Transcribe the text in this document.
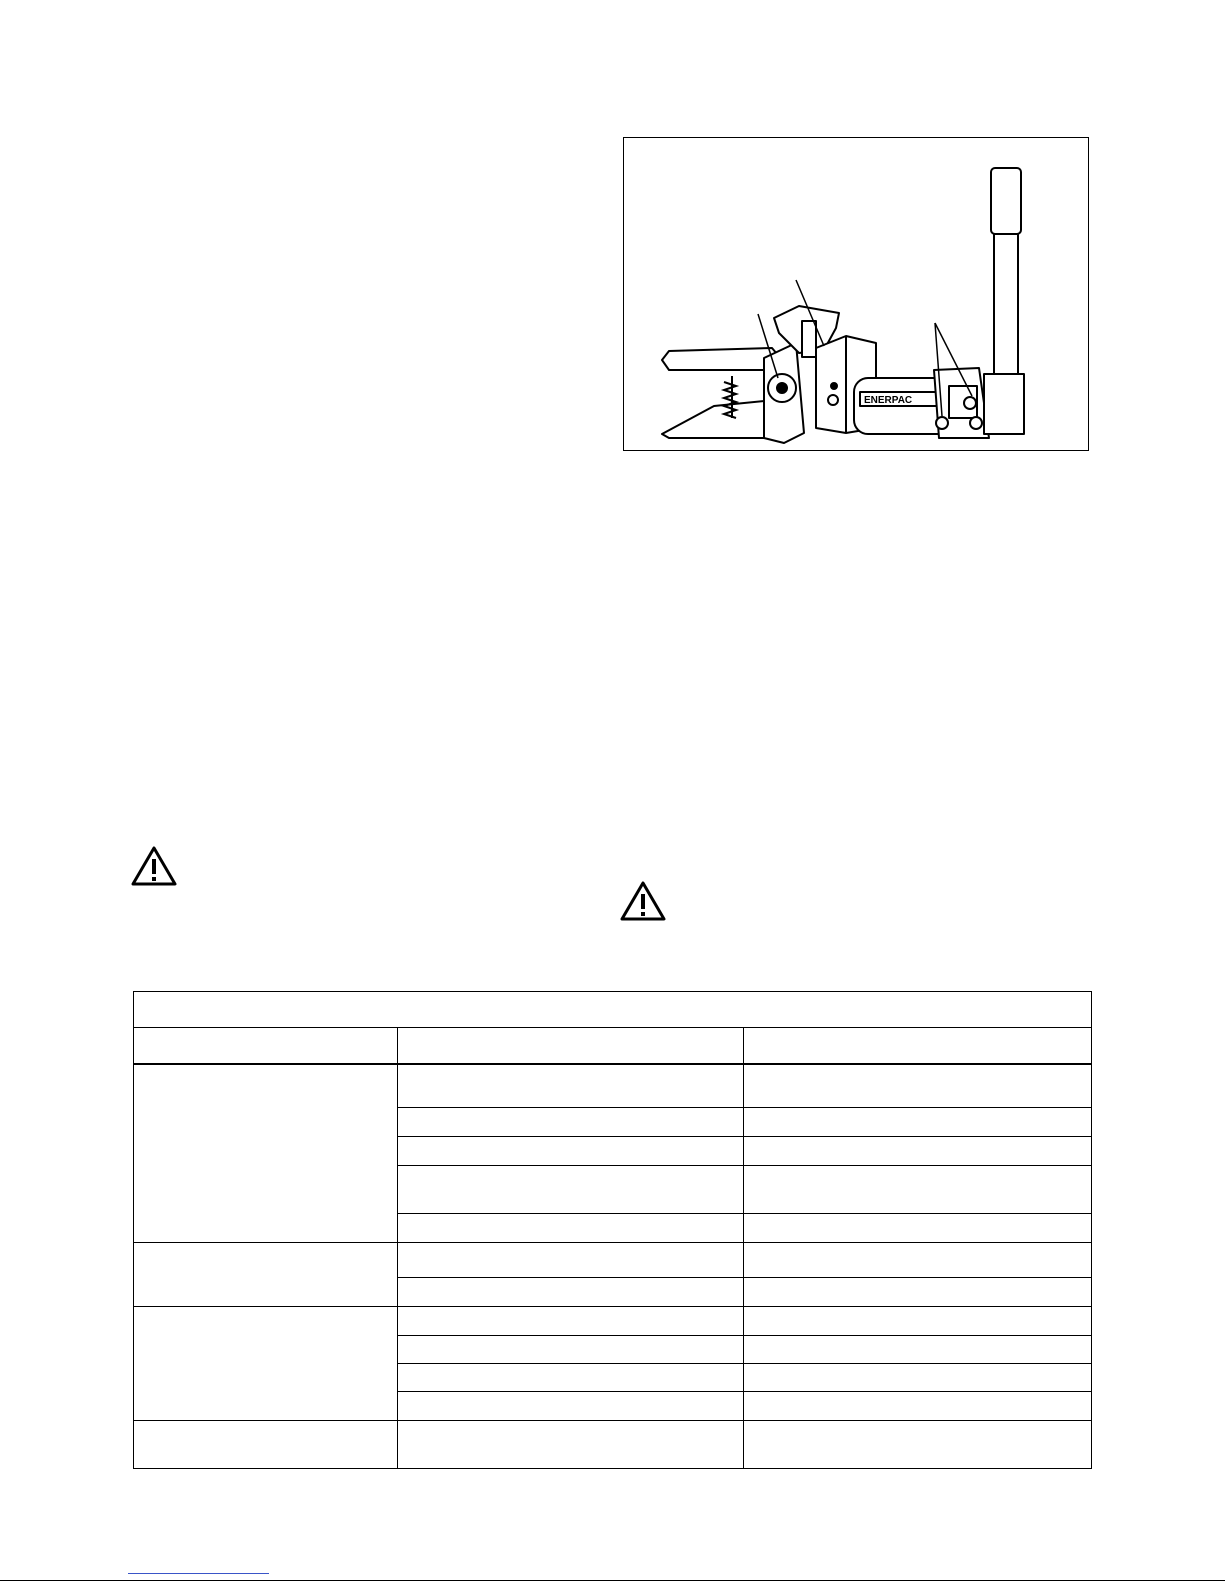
ENERPAC
